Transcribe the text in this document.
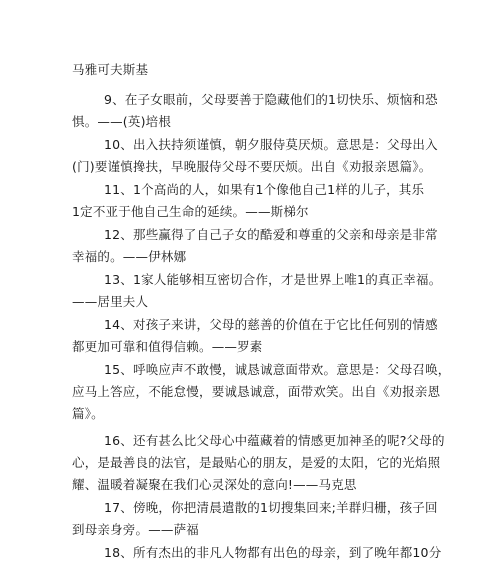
马雅可夫斯基
9、在子女眼前，父母要善于隐藏他们的1切快乐、烦恼和恐
惧。——(英)培根
10、出入扶持须谨慎，朝夕服侍莫厌烦。意思是：父母出入
(门)要谨慎搀扶，早晚服侍父母不要厌烦。出自《劝报亲恩篇》。
11、1个高尚的人，如果有1个像他自己1样的儿子，其乐
1定不亚于他自己生命的延续。——斯梯尔
12、那些赢得了自己子女的酷爱和尊重的父亲和母亲是非常
幸福的。——伊林娜
13、1家人能够相互密切合作，才是世界上唯1的真正幸福。
——居里夫人
14、对孩子来讲，父母的慈善的价值在于它比任何别的情感
都更加可靠和值得信赖。——罗素
15、呼唤应声不敢慢，诚恳诚意面带欢。意思是：父母召唤，
应马上答应，不能怠慢，要诚恳诚意，面带欢笑。出自《劝报亲恩
篇》。
16、还有甚么比父母心中蕴藏着的情感更加神圣的呢?父母的
心，是最善良的法官，是最贴心的朋友，是爱的太阳，它的光焰照
耀、温暖着凝聚在我们心灵深处的意向!——马克思
17、傍晚，你把清晨遣散的1切搜集回来;羊群归栅，孩子回
到母亲身旁。——萨福
18、所有杰出的非凡人物都有出色的母亲，到了晚年都10分
